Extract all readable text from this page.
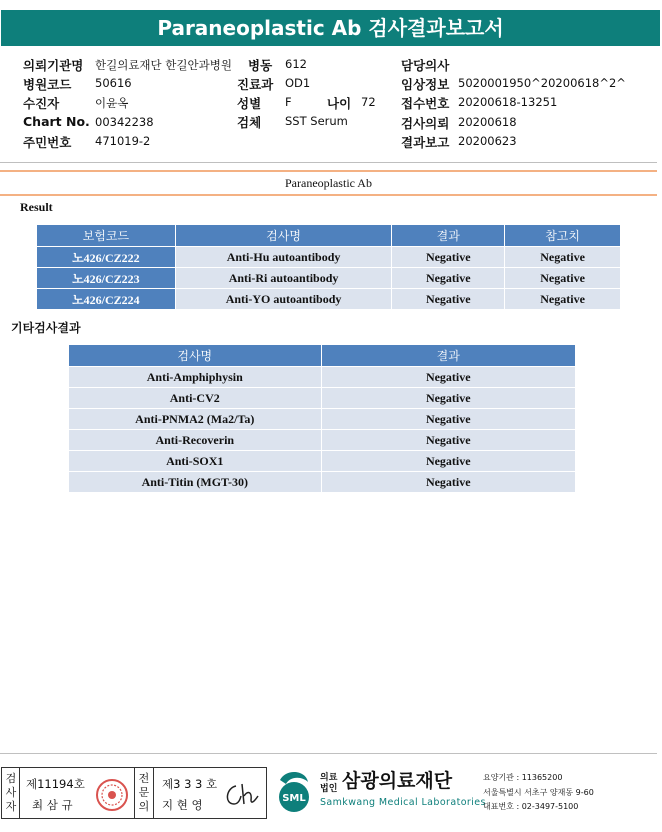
Paraneoplastic Ab 검사결과보고서
의뢰기관명 한길의료재단 한길안과병원 병동 612	담당의사
병원코드 50616	진료과 OD1	임상정보 5020001950^20200618^2^
수진자	이윤옥	성별 F	나이 72 접수번호 20200618-13251
Chart No. 00342238	검체 SST Serum	검사의뢰 20200618
주민번호 471019-2	결과보고 20200623
Paraneoplastic Ab
Result
보험코드	검사명	결과	참고치
노426/CZ222	Anti-Hu autoantibody	Negative	Negative
노426/CZ223	Anti-Ri autoantibody	Negative	Negative
노426/CZ224	Anti-YO autoantibody	Negative	Negative
기타검사결과
검사명	결과
Anti-Amphiphysin	Negative
Anti-CV2	Negative
Anti-PNMA2 (Ma2/Ta)	Negative
Anti-Recoverin	Negative
Anti-SOX1	Negative
Anti-Titin (MGT-30)	Negative
검사자
제11194호
최 삼 규
전문의
제3 3 3 호
지 현 영	SML
의료
법인 삼광의료재단
Samkwang Medical Laboratories
요양기관 : 11365200
서울특별시 서초구 양재동 9-60
대표번호 : 02-3497-5100
